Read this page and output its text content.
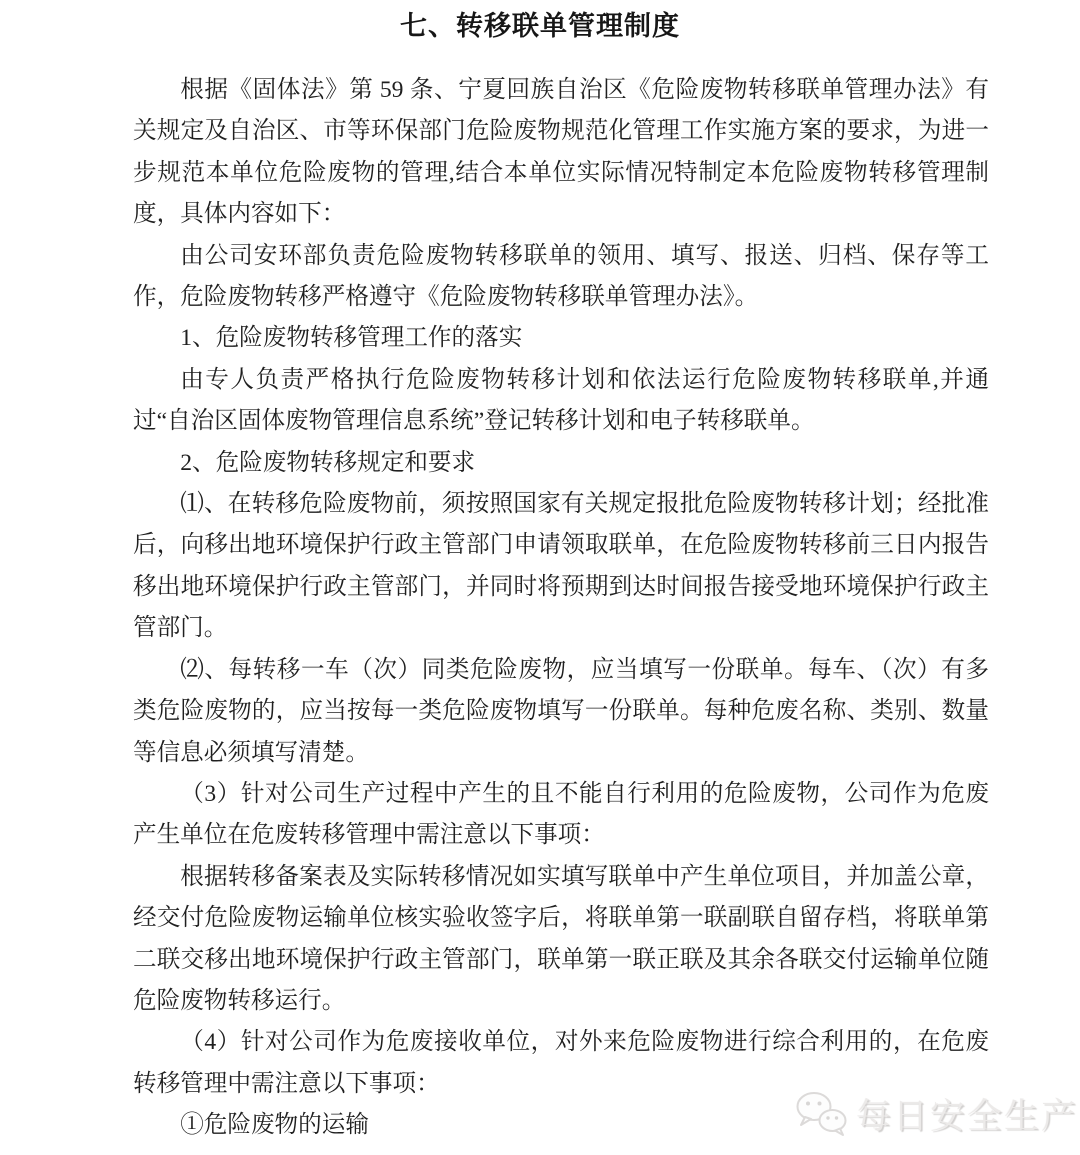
七、转移联单管理制度

根据《固体法》第 59 条、宁夏回族自治区《危险废物转移联单管理办法》有关规定及自治区、市等环保部门危险废物规范化管理工作实施方案的要求，为进一步规范本单位危险废物的管理,结合本单位实际情况特制定本危险废物转移管理制度，具体内容如下：

由公司安环部负责危险废物转移联单的领用、填写、报送、归档、保存等工作，危险废物转移严格遵守《危险废物转移联单管理办法》。

1、危险废物转移管理工作的落实

由专人负责严格执行危险废物转移计划和依法运行危险废物转移联单,并通过“自治区固体废物管理信息系统”登记转移计划和电子转移联单。

2、危险废物转移规定和要求

⑴、在转移危险废物前，须按照国家有关规定报批危险废物转移计划；经批准后，向移出地环境保护行政主管部门申请领取联单，在危险废物转移前三日内报告移出地环境保护行政主管部门，并同时将预期到达时间报告接受地环境保护行政主管部门。

⑵、每转移一车（次）同类危险废物，应当填写一份联单。每车、（次）有多类危险废物的，应当按每一类危险废物填写一份联单。每种危废名称、类别、数量等信息必须填写清楚。

（3）针对公司生产过程中产生的且不能自行利用的危险废物，公司作为危废产生单位在危废转移管理中需注意以下事项：

根据转移备案表及实际转移情况如实填写联单中产生单位项目，并加盖公章，经交付危险废物运输单位核实验收签字后，将联单第一联副联自留存档，将联单第二联交移出地环境保护行政主管部门，联单第一联正联及其余各联交付运输单位随危险废物转移运行。

（4）针对公司作为危废接收单位，对外来危险废物进行综合利用的，在危废转移管理中需注意以下事项：

①危险废物的运输	每日安全生产
